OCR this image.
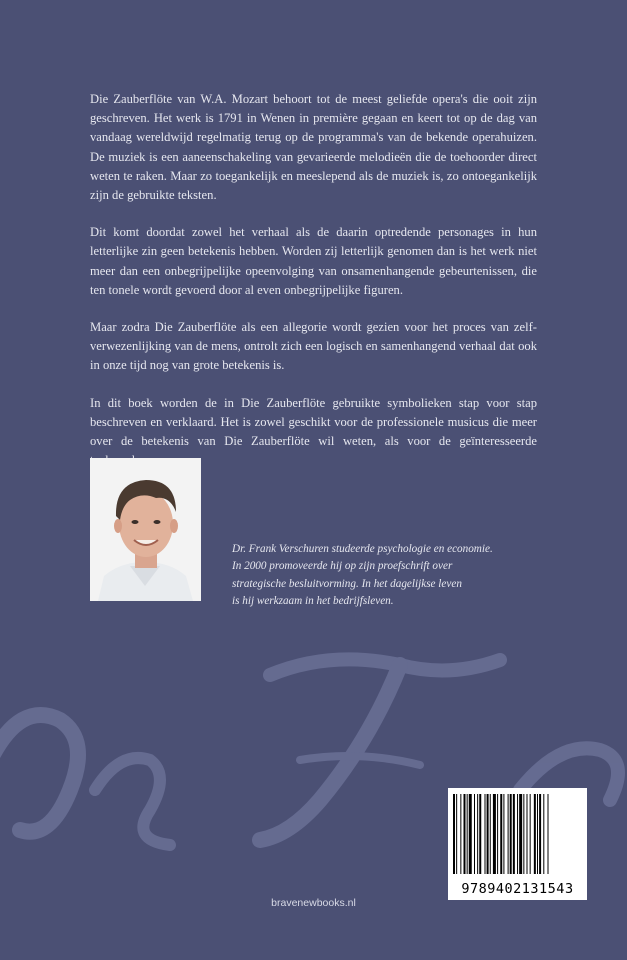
Die Zauberflöte van W.A. Mozart behoort tot de meest geliefde opera's die ooit zijn geschreven. Het werk is 1791 in Wenen in première gegaan en keert tot op de dag van vandaag wereldwijd regelmatig terug op de programma's van de bekende operahuizen. De muziek is een aaneenschakeling van gevarieerde melodieën die de toehoorder direct weten te raken. Maar zo toegankelijk en meeslepend als de muziek is, zo ontoegankelijk zijn de gebruikte teksten.

Dit komt doordat zowel het verhaal als de daarin optredende personages in hun letterlijke zin geen betekenis hebben. Worden zij letterlijk genomen dan is het werk niet meer dan een onbegrijpelijke opeenvolging van onsamenhangende gebeurtenissen, die ten tonele wordt gevoerd door al even onbegrijpelijke figuren.

Maar zodra Die Zauberflöte als een allegorie wordt gezien voor het proces van zelf-verwezenlijking van de mens, ontrolt zich een logisch en samenhangend verhaal dat ook in onze tijd nog van grote betekenis is.

In dit boek worden de in Die Zauberflöte gebruikte symbolieken stap voor stap beschreven en verklaard. Het is zowel geschikt voor de professionele musicus die meer over de betekenis van Die Zauberflöte wil weten, als voor de geïnteresseerde

Dr. Frank Verschuren studeerde psychologie en economie.
In 2000 promoveerde hij op zijn proefschrift over
strategische besluitvorming. In het dagelijkse leven
is hij werkzaam in het bedrijfsleven.
9789402131543
bravenewbooks.nl
